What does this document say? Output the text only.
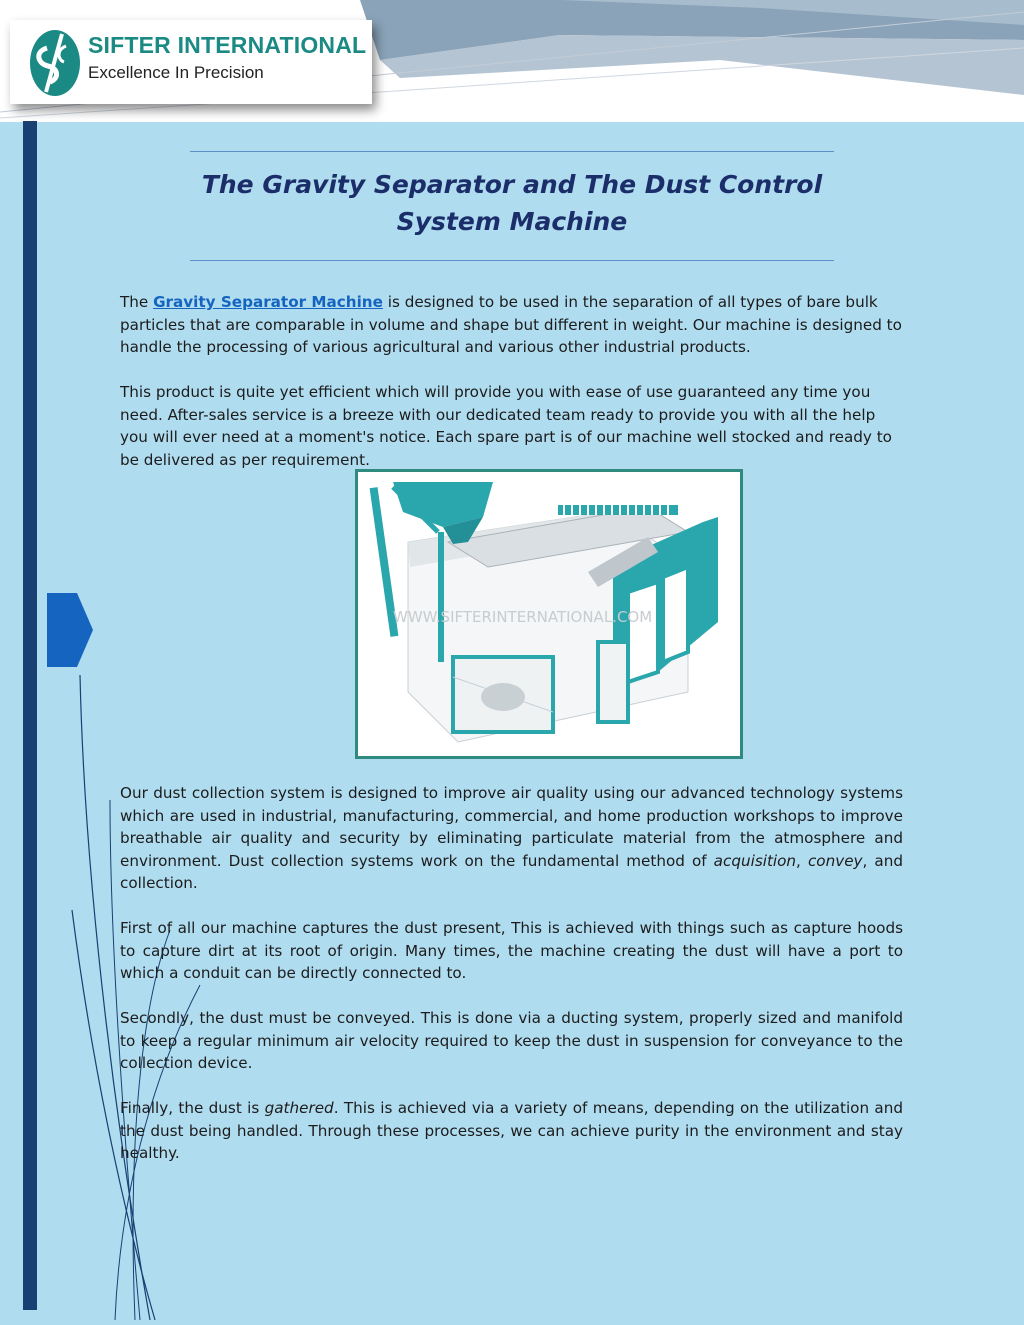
SIFTER INTERNATIONAL
Excellence In Precision
The Gravity Separator and The Dust Control System Machine

The Gravity Separator Machine is designed to be used in the separation of all types of bare bulk particles that are comparable in volume and shape but different in weight. Our machine is designed to handle the processing of various agricultural and various other industrial products.

This product is quite yet efficient which will provide you with ease of use guaranteed any time you need. After-sales service is a breeze with our dedicated team ready to provide you with all the help you will ever need at a moment's notice. Each spare part is of our machine well stocked and ready to be delivered as per requirement.

WWW.SIFTERINTERNATIONAL.COM

Our dust collection system is designed to improve air quality using our advanced technology systems which are used in industrial, manufacturing, commercial, and home production workshops to improve breathable air quality and security by eliminating particulate material from the atmosphere and environment. Dust collection systems work on the fundamental method of acquisition, convey, and collection.

First of all our machine captures the dust present, This is achieved with things such as capture hoods to capture dirt at its root of origin. Many times, the machine creating the dust will have a port to which a conduit can be directly connected to.

Secondly, the dust must be conveyed. This is done via a ducting system, properly sized and manifold to keep a regular minimum air velocity required to keep the dust in suspension for conveyance to the collection device.

Finally, the dust is gathered. This is achieved via a variety of means, depending on the utilization and the dust being handled. Through these processes, we can achieve purity in the environment and stay healthy.
